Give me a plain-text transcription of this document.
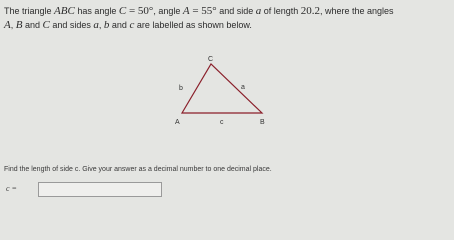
The triangle ABC has angle C = 50°, angle A = 55° and side a of length 20.2, where the angles
A, B and C and sides a, b and c are labelled as shown below.
C
A	B
b	a
c
Find the length of side c. Give your answer as a decimal number to one decimal place.
c =
